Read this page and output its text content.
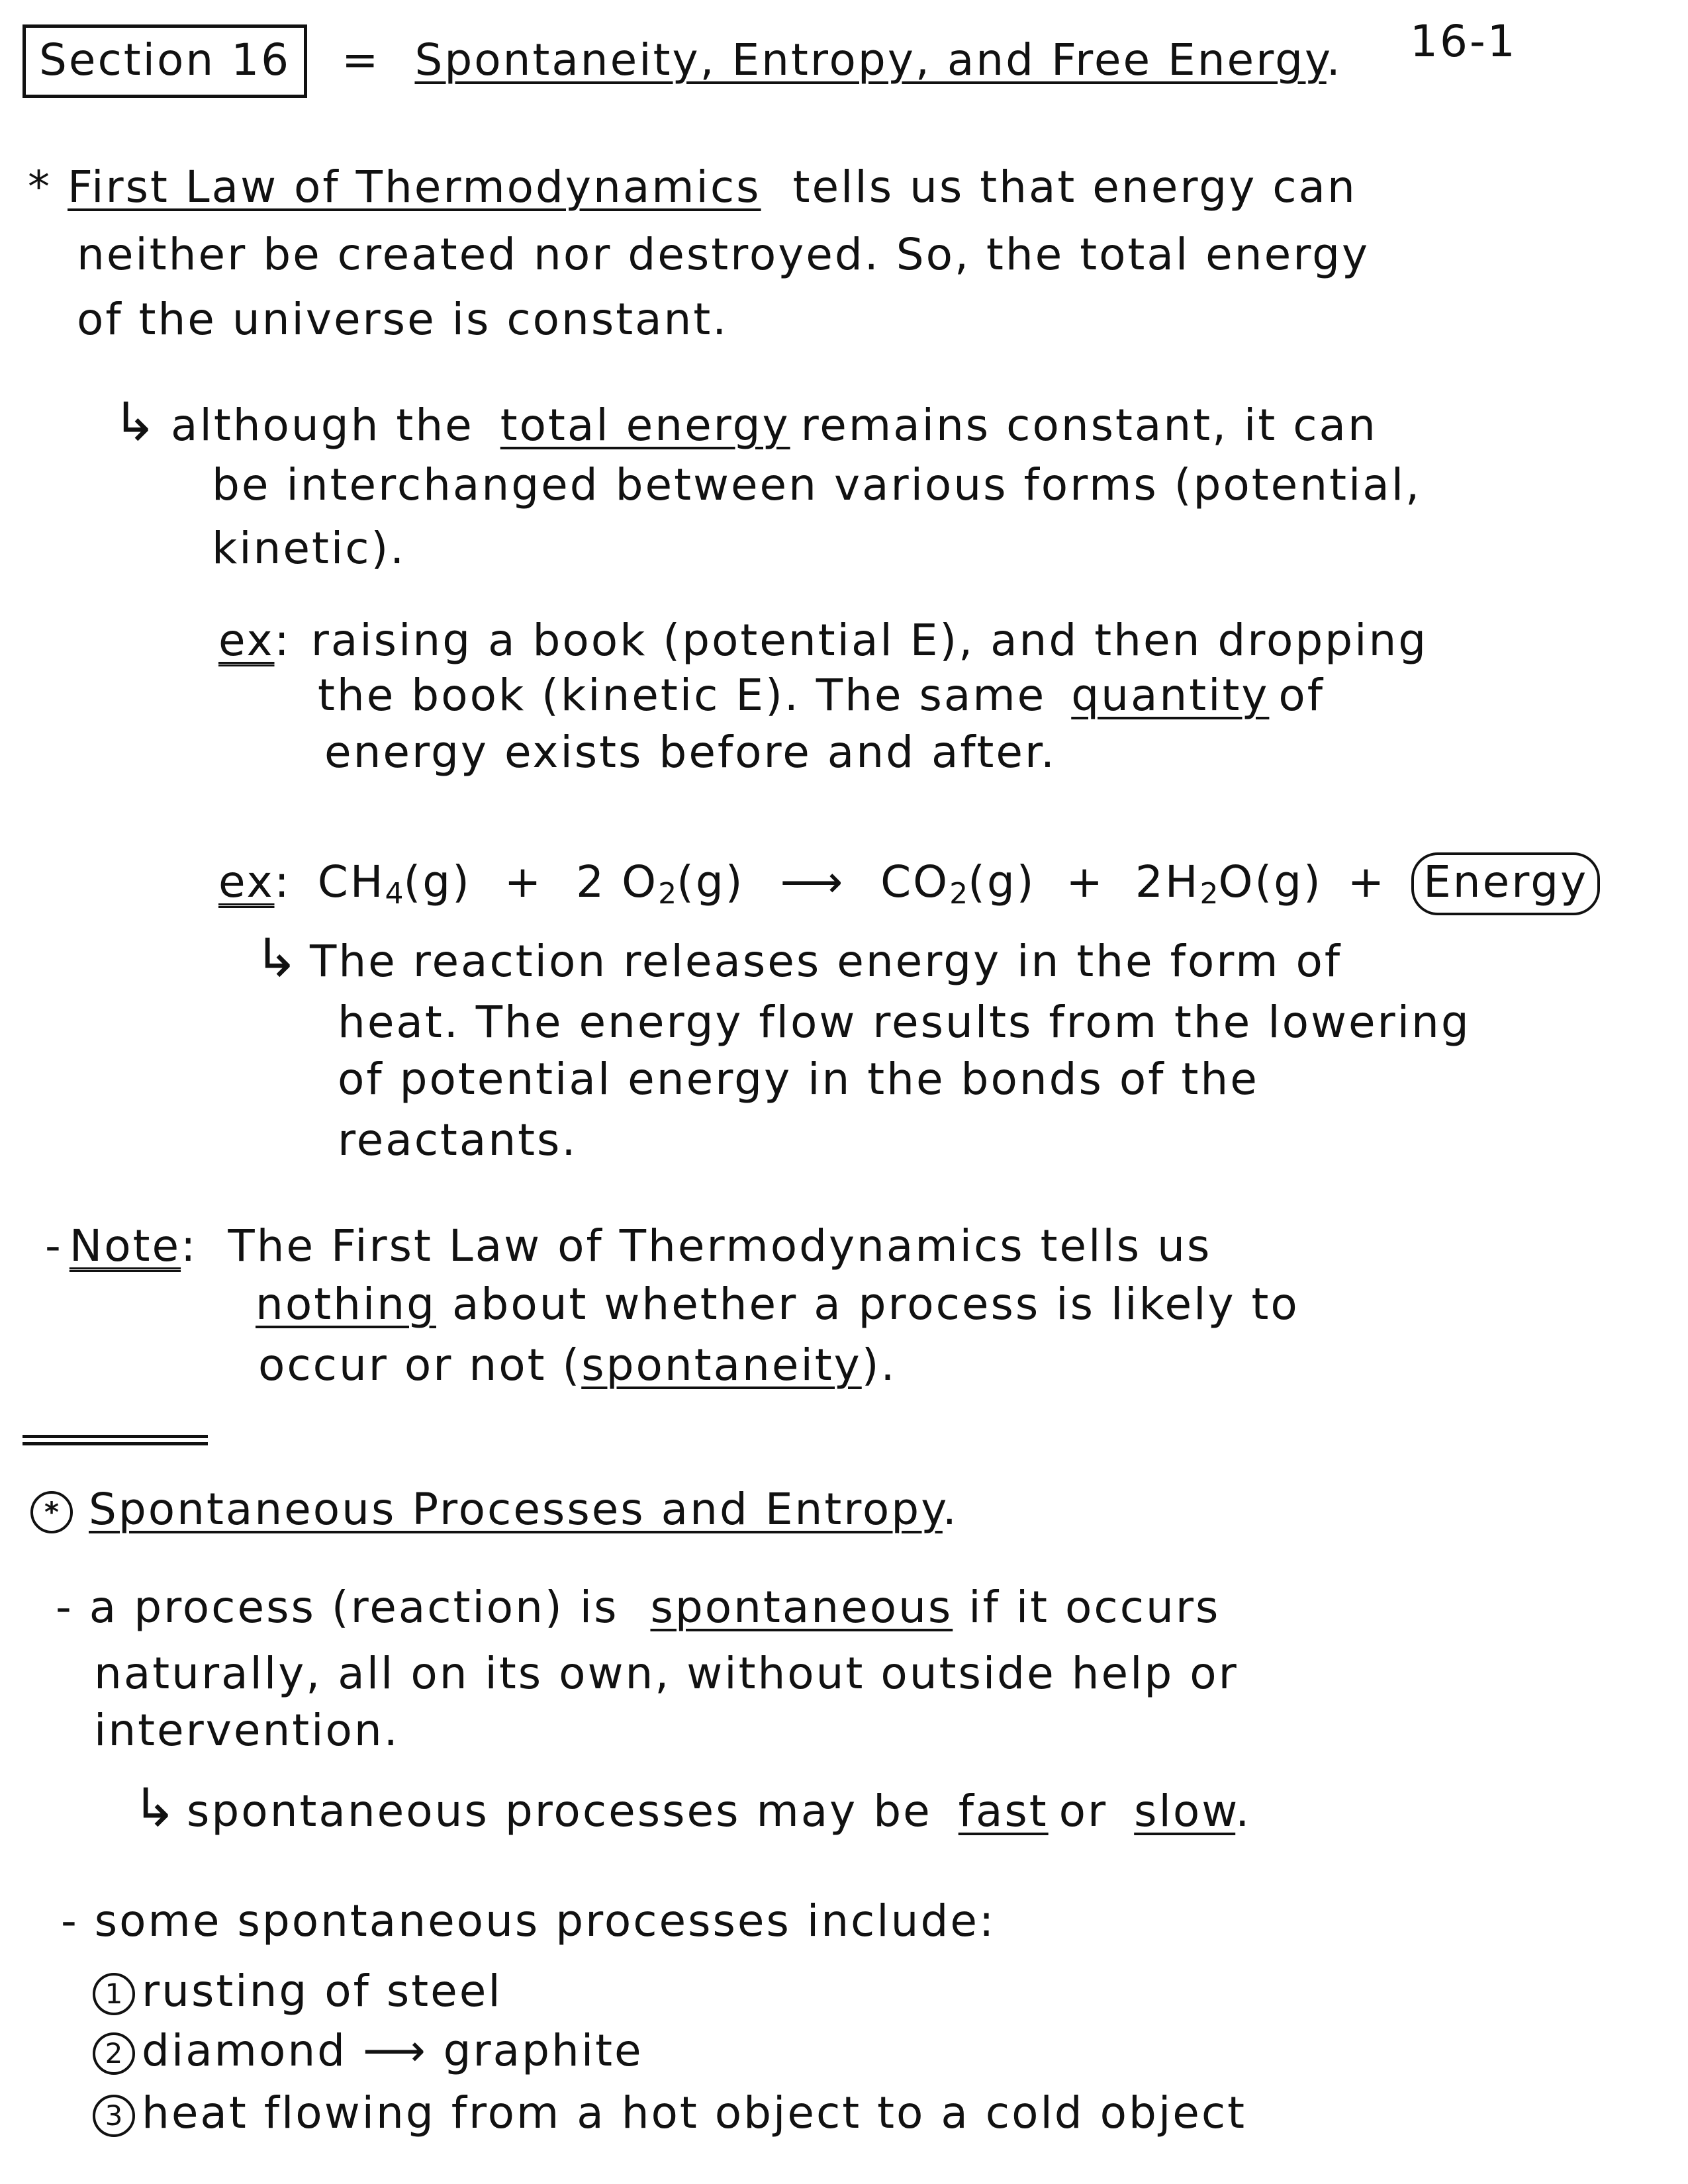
Section 16 = Spontaneity, Entropy, and Free Energy. 16-1
* First Law of Thermodynamics tells us that energy can
neither be created nor destroyed. So, the total energy
of the universe is constant.
↳ although the total energy remains constant, it can
be interchanged between various forms (potential,
kinetic).
ex: raising a book (potential E), and then dropping
the book (kinetic E). The same quantity of
energy exists before and after.
ex: $CH_4(g) + 2$ $O_2(g)$ ⟶ $CO_2(g) + 2H_2O(g)$ + Energy
↳ The reaction releases energy in the form of
heat. The energy flow results from the lowering
of potential energy in the bonds of the
reactants.
- Note: The First Law of Thermodynamics tells us
nothing about whether a process is likely to
occur or not (spontaneity).
* Spontaneous Processes and Entropy.
- a process (reaction) is spontaneous if it occurs
naturally, all on its own, without outside help or
intervention.
↳ spontaneous processes may be fast or slow.
- some spontaneous processes include:
1 rusting of steel
2 diamond ⟶ graphite
3 heat flowing from a hot object to a cold object
